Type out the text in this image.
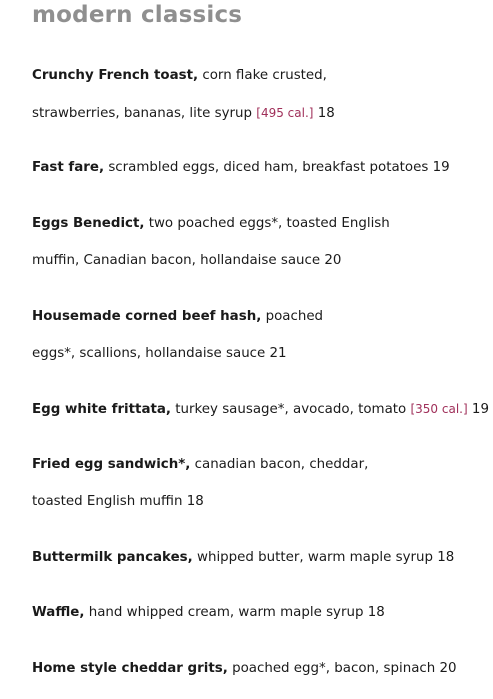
modern classics
Crunchy French toast, corn flake crusted,
strawberries, bananas, lite syrup [495 cal.] 18
Fast fare, scrambled eggs, diced ham, breakfast potatoes 19
Eggs Benedict, two poached eggs*, toasted English
muffin, Canadian bacon, hollandaise sauce 20
Housemade corned beef hash, poached
eggs*, scallions, hollandaise sauce 21
Egg white frittata, turkey sausage*, avocado, tomato [350 cal.] 19
Fried egg sandwich*, canadian bacon, cheddar,
toasted English muffin 18
Buttermilk pancakes, whipped butter, warm maple syrup 18
Waffle, hand whipped cream, warm maple syrup 18
Home style cheddar grits, poached egg*, bacon, spinach 20
